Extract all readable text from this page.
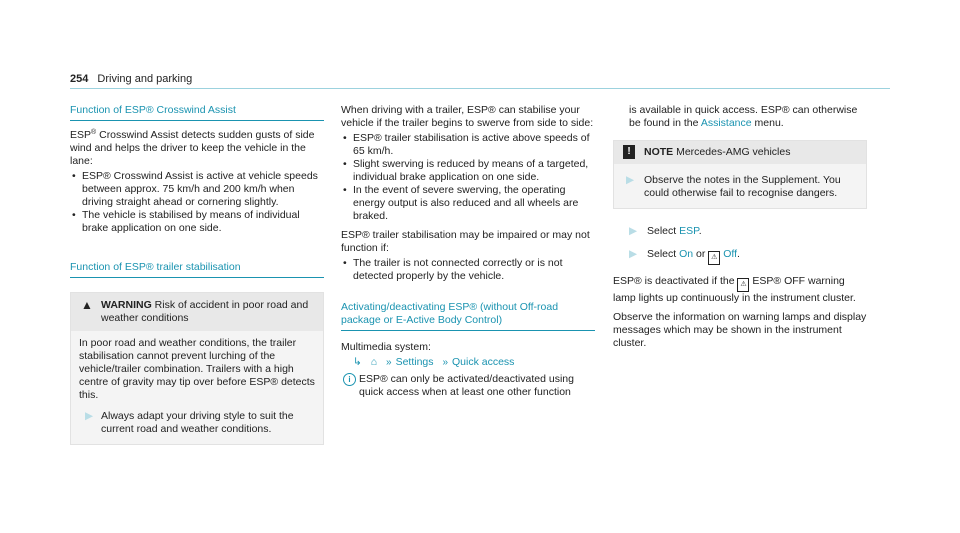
254 Driving and parking
Function of ESP® Crosswind Assist

ESP® Crosswind Assist detects sudden gusts of side wind and helps the driver to keep the vehicle in the lane:

• ESP® Crosswind Assist is active at vehicle speeds between approx. 75 km/h and 200 km/h when driving straight ahead or cornering slightly.
• The vehicle is stabilised by means of individual brake application on one side.
Function of ESP® trailer stabilisation
▲ WARNING Risk of accident in poor road and weather conditions

In poor road and weather conditions, the trailer stabilisation cannot prevent lurching of the vehicle/trailer combination. Trailers with a high centre of gravity may tip over before ESP® detects this.

▶ Always adapt your driving style to suit the current road and weather conditions.

When driving with a trailer, ESP® can stabilise your vehicle if the trailer begins to swerve from side to side:

• ESP® trailer stabilisation is active above speeds of 65 km/h.
• Slight swerving is reduced by means of a targeted, individual brake application on one side.
• In the event of severe swerving, the operating energy output is also reduced and all wheels are braked.

ESP® trailer stabilisation may be impaired or may not function if:

• The trailer is not connected correctly or is not detected properly by the vehicle.
Activating/deactivating ESP® (without Off-road package or E-Active Body Control)

Multimedia system:

↳ ⌂ » Settings » Quick access
i ESP® can only be activated/deactivated using quick access when at least one other function

is available in quick access. ESP® can otherwise be found in the Assistance menu.

!	NOTE Mercedes-AMG vehicles
▶ Observe the notes in the Supplement. You could otherwise fail to recognise dangers.
▶ Select ESP.
▶ Select On or ⚠ Off.

ESP® is deactivated if the ⚠ ESP® OFF warning lamp lights up continuously in the instrument cluster.

Observe the information on warning lamps and display messages which may be shown in the instrument cluster.
